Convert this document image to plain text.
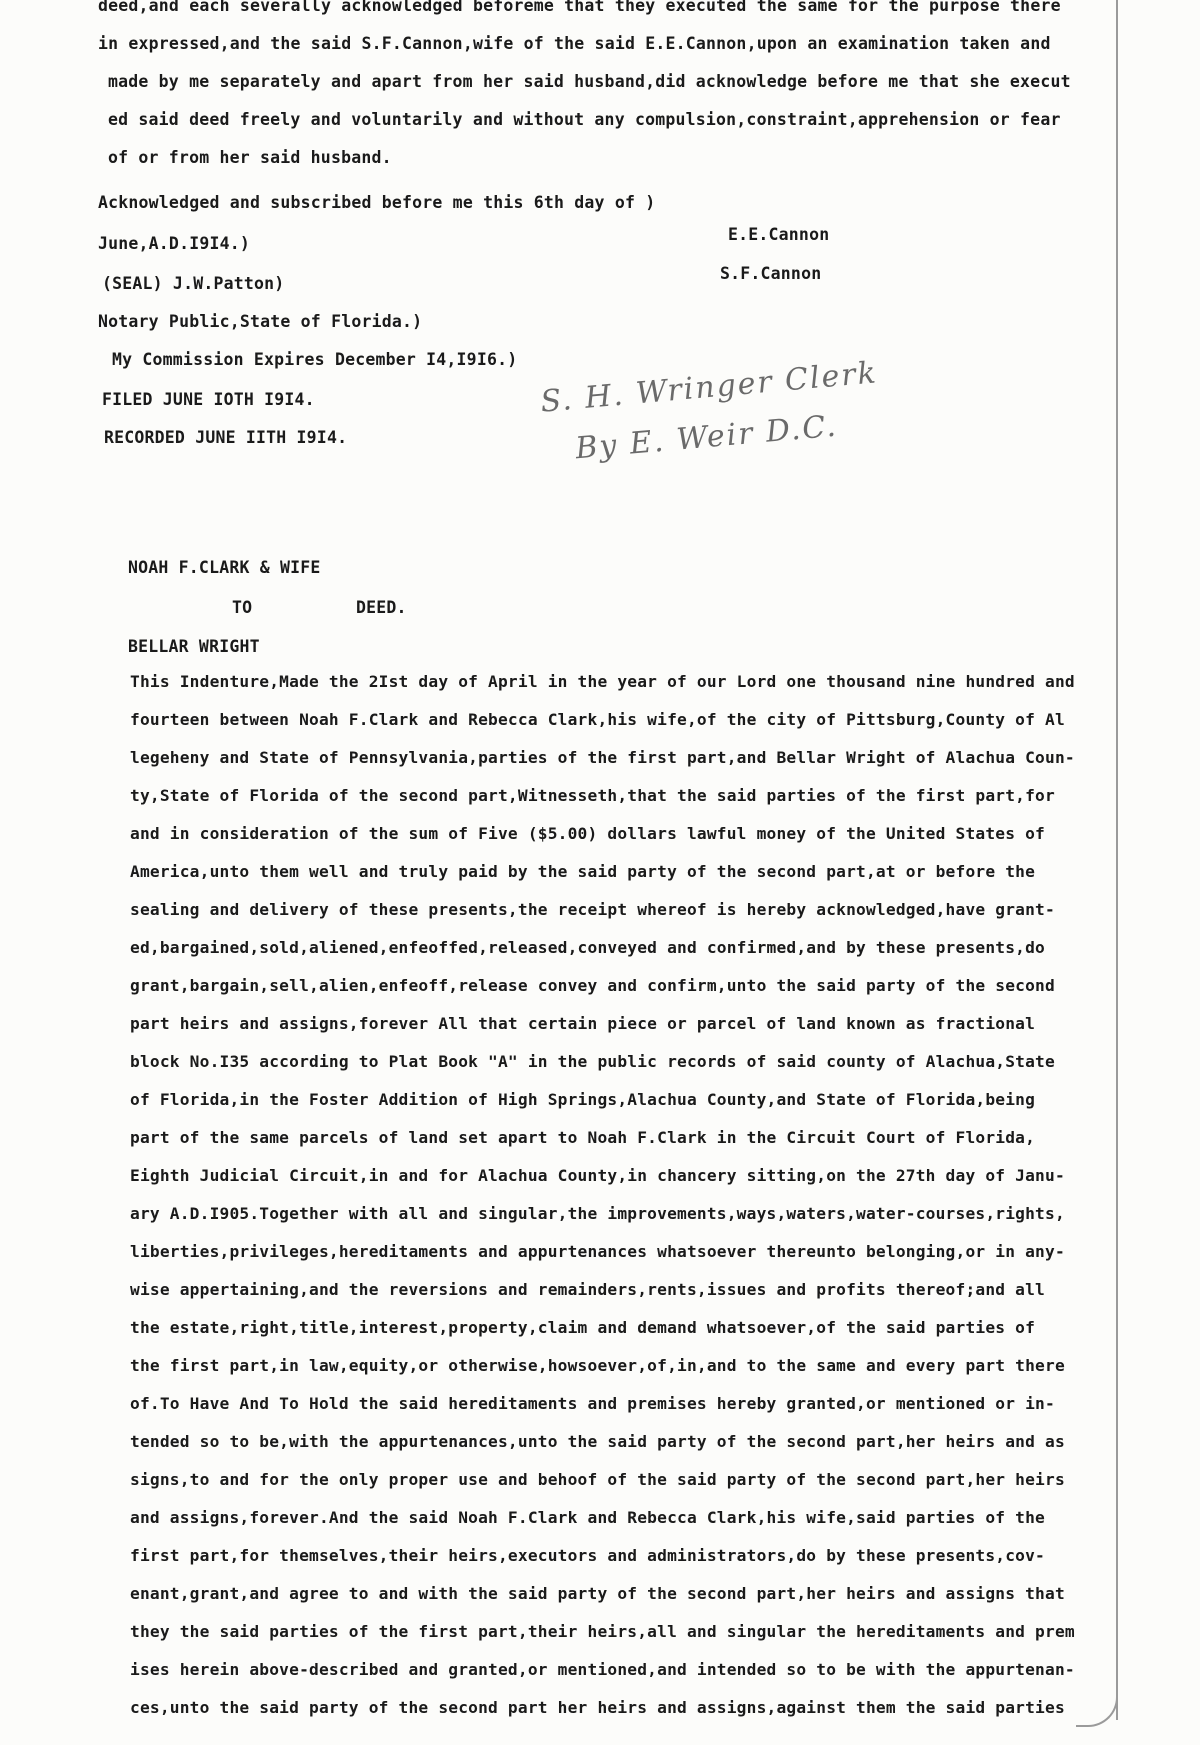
deed,and each severally acknowledged beforeme that they executed the same for the purpose there
in expressed,and the said S.F.Cannon,wife of the said E.E.Cannon,upon an examination taken and
made by me separately and apart from her said husband,did acknowledge before me that she execut
ed said deed freely and voluntarily and without any compulsion,constraint,apprehension or fear
of or from her said husband.
Acknowledged and subscribed before me this 6th day of )
June,A.D.I9I4.)	E.E.Cannon
(SEAL) J.W.Patton)
S.F.Cannon
Notary Public,State of Florida.)
My Commission Expires December I4,I9I6.)
FILED JUNE IOTH I9I4.
RECORDED JUNE IITH I9I4.
S. H. Wringer Clerk
By E. Weir D.C.
NOAH F.CLARK & WIFE
TO	DEED.
BELLAR WRIGHT
This Indenture,Made the 2Ist day of April in the year of our Lord one thousand nine hundred and
fourteen between Noah F.Clark and Rebecca Clark,his wife,of the city of Pittsburg,County of Al
legeheny and State of Pennsylvania,parties of the first part,and Bellar Wright of Alachua Coun-
ty,State of Florida of the second part,Witnesseth,that the said parties of the first part,for
and in consideration of the sum of Five ($5.00) dollars lawful money of the United States of
America,unto them well and truly paid by the said party of the second part,at or before the
sealing and delivery of these presents,the receipt whereof is hereby acknowledged,have grant-
ed,bargained,sold,aliened,enfeoffed,released,conveyed and confirmed,and by these presents,do
grant,bargain,sell,alien,enfeoff,release convey and confirm,unto the said party of the second
part heirs and assigns,forever All that certain piece or parcel of land known as fractional
block No.I35 according to Plat Book "A" in the public records of said county of Alachua,State
of Florida,in the Foster Addition of High Springs,Alachua County,and State of Florida,being
part of the same parcels of land set apart to Noah F.Clark in the Circuit Court of Florida,
Eighth Judicial Circuit,in and for Alachua County,in chancery sitting,on the 27th day of Janu-
ary A.D.I905.Together with all and singular,the improvements,ways,waters,water-courses,rights,
liberties,privileges,hereditaments and appurtenances whatsoever thereunto belonging,or in any-
wise appertaining,and the reversions and remainders,rents,issues and profits thereof;and all
the estate,right,title,interest,property,claim and demand whatsoever,of the said parties of
the first part,in law,equity,or otherwise,howsoever,of,in,and to the same and every part there
of.To Have And To Hold the said hereditaments and premises hereby granted,or mentioned or in-
tended so to be,with the appurtenances,unto the said party of the second part,her heirs and as
signs,to and for the only proper use and behoof of the said party of the second part,her heirs
and assigns,forever.And the said Noah F.Clark and Rebecca Clark,his wife,said parties of the
first part,for themselves,their heirs,executors and administrators,do by these presents,cov-
enant,grant,and agree to and with the said party of the second part,her heirs and assigns that
they the said parties of the first part,their heirs,all and singular the hereditaments and prem
ises herein above-described and granted,or mentioned,and intended so to be with the appurtenan-
ces,unto the said party of the second part her heirs and assigns,against them the said parties
